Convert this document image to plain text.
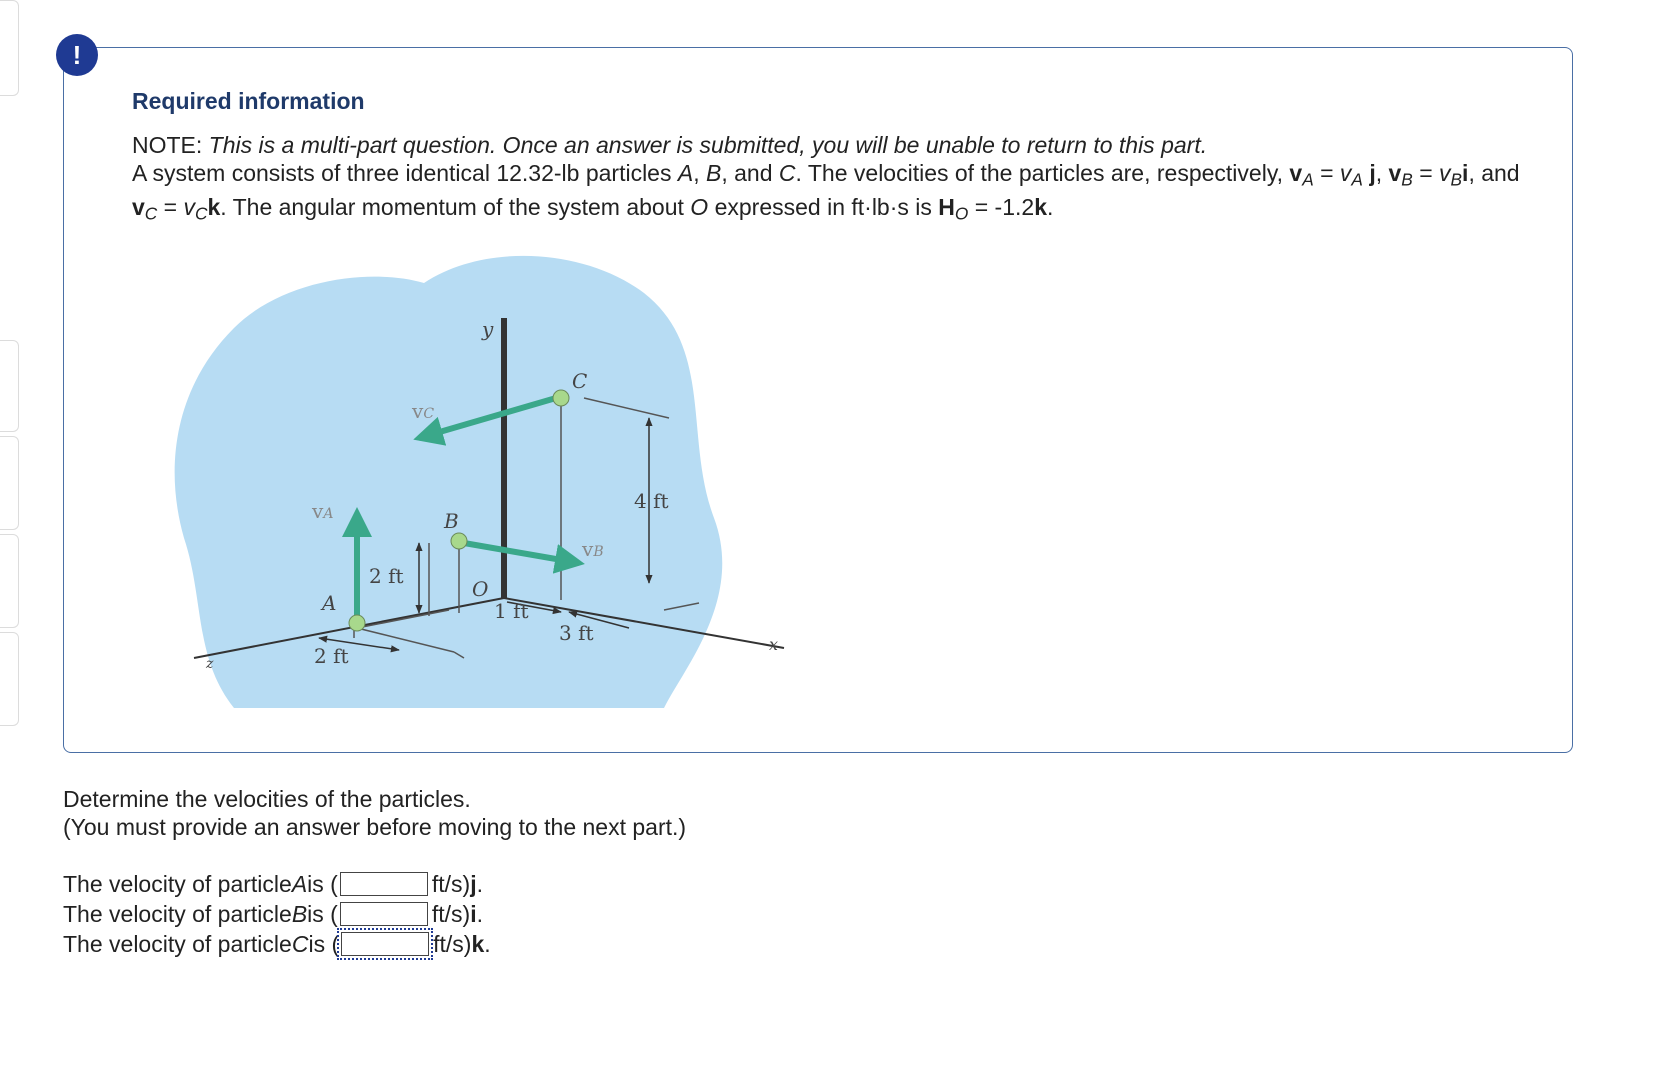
!
Required information

NOTE: This is a multi-part question. Once an answer is submitted, you will be unable to return to this part.

A system consists of three identical 12.32-lb particles A, B, and C. The velocities of the particles are, respectively, $v_A = v_A$ j, $v_B = v_Bi$, and $v_C = v_Ck$. The angular momentum of the system about O expressed in ft·lb·s is $H_O = -1.2k$.

y
C
vC
vA	B
vB
4 ft
2 ft
A
O
1 ft
3 ft	x
2 ft
z

Determine the velocities of the particles.

(You must provide an answer before moving to the next part.)

The velocity of particle A is (	ft/s) j .
The velocity of particle B is (	ft/s) i .
The velocity of particle C is (	ft/s) k .
